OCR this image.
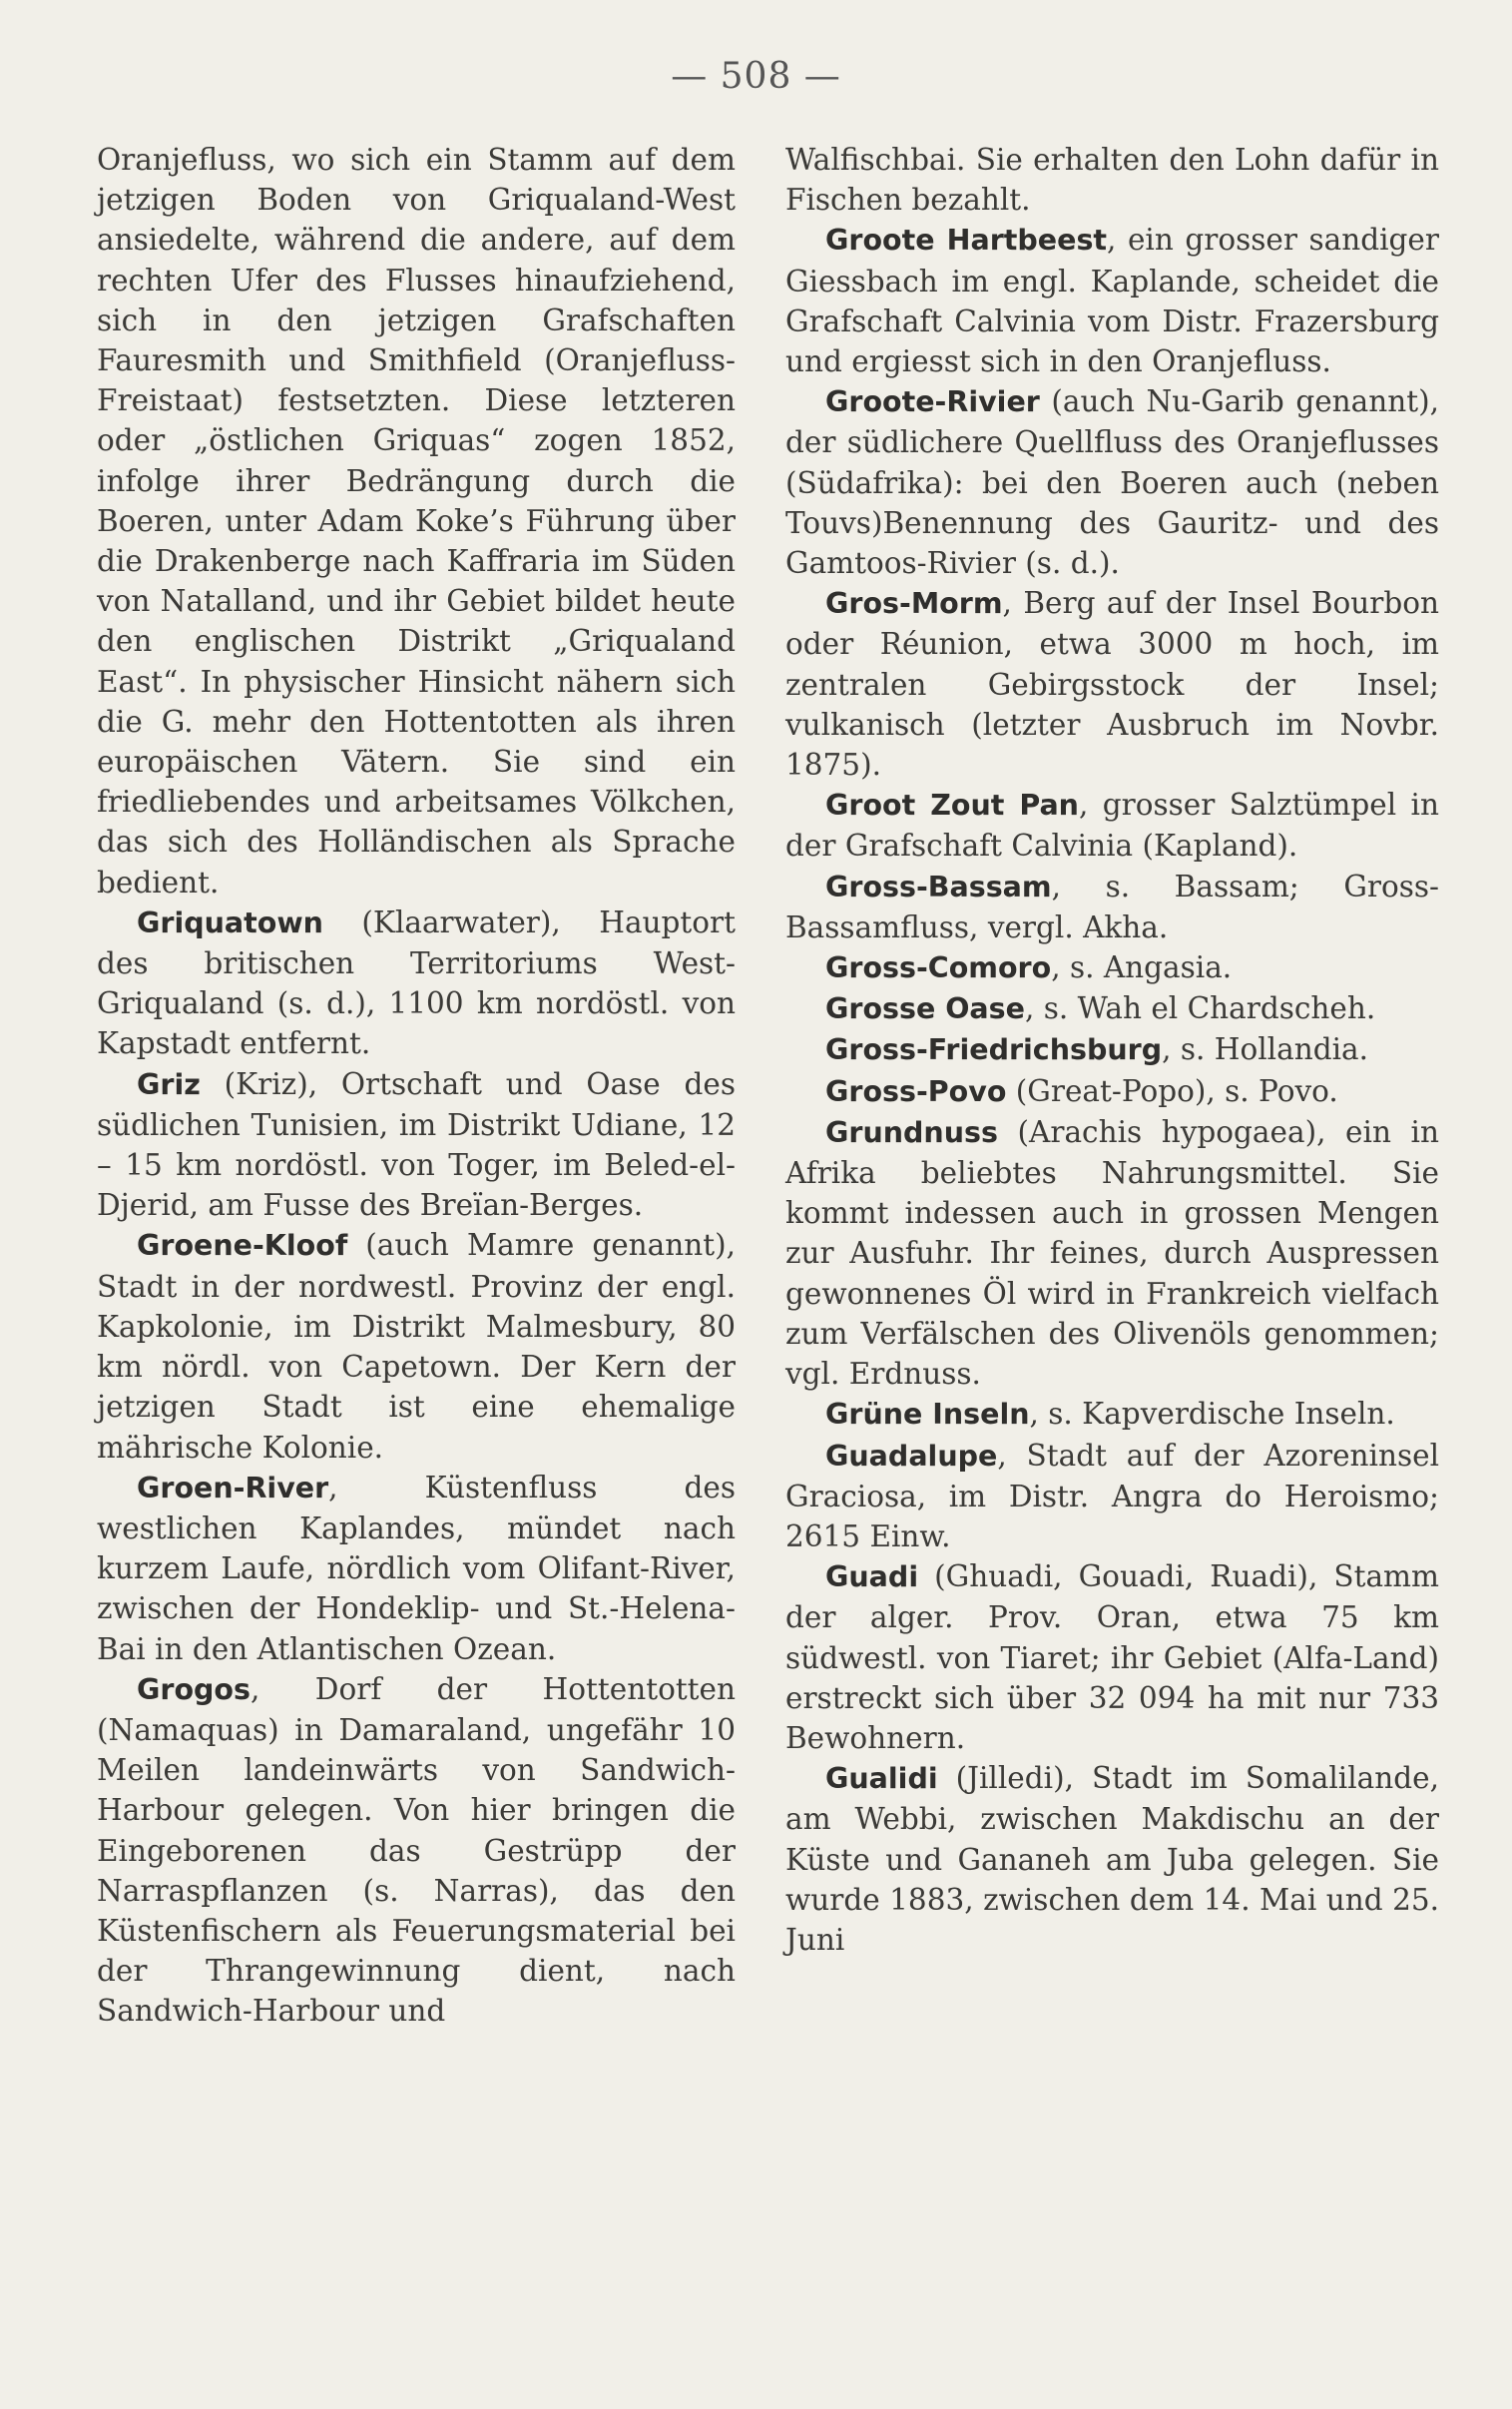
— 508 —

Oranjefluss, wo sich ein Stamm auf dem jetzigen Boden von Griqualand-West ansiedelte, während die andere, auf dem rechten Ufer des Flusses hinaufziehend, sich in den jetzigen Grafschaften Fauresmith und Smithfield (Oranjefluss-Freistaat) festsetzten. Diese letzteren oder „östlichen Griquas“ zogen 1852, infolge ihrer Bedrängung durch die Boeren, unter Adam Koke’s Führung über die Drakenberge nach Kaffraria im Süden von Natalland, und ihr Gebiet bildet heute den englischen Distrikt „Griqualand East“. In physischer Hinsicht nähern sich die G. mehr den Hottentotten als ihren europäischen Vätern. Sie sind ein friedliebendes und arbeitsames Völkchen, das sich des Holländischen als Sprache bedient.

Griquatown (Klaarwater), Hauptort des britischen Territoriums West-Griqualand (s. d.), 1100 km nordöstl. von Kapstadt entfernt.

Griz (Kriz), Ortschaft und Oase des südlichen Tunisien, im Distrikt Udiane, 12 – 15 km nordöstl. von Toger, im Beled-el-Djerid, am Fusse des Breïan-Berges.

Groene-Kloof (auch Mamre genannt), Stadt in der nordwestl. Provinz der engl. Kapkolonie, im Distrikt Malmesbury, 80 km nördl. von Capetown. Der Kern der jetzigen Stadt ist eine ehemalige mährische Kolonie.

Groen-River, Küstenfluss des westlichen Kaplandes, mündet nach kurzem Laufe, nördlich vom Olifant-River, zwischen der Hondeklip- und St.-Helena-Bai in den Atlantischen Ozean.

Grogos, Dorf der Hottentotten (Namaquas) in Damaraland, ungefähr 10 Meilen landeinwärts von Sandwich-Harbour gelegen. Von hier bringen die Eingeborenen das Gestrüpp der Narraspflanzen (s. Narras), das den Küstenfischern als Feuerungsmaterial bei der Thrangewinnung dient, nach Sandwich-Harbour und

Walfischbai. Sie erhalten den Lohn dafür in Fischen bezahlt.

Groote Hartbeest, ein grosser sandiger Giessbach im engl. Kaplande, scheidet die Grafschaft Calvinia vom Distr. Frazersburg und ergiesst sich in den Oranjefluss.

Groote-Rivier (auch Nu-Garib genannt), der südlichere Quellfluss des Oranjeflusses (Südafrika): bei den Boeren auch (neben Touvs)Benennung des Gauritz- und des Gamtoos-Rivier (s. d.).

Gros-Morm, Berg auf der Insel Bourbon oder Réunion, etwa 3000 m hoch, im zentralen Gebirgsstock der Insel; vulkanisch (letzter Ausbruch im Novbr. 1875).

Groot Zout Pan, grosser Salztümpel in der Grafschaft Calvinia (Kapland).

Gross-Bassam, s. Bassam; Gross-Bassamfluss, vergl. Akha.

Gross-Comoro, s. Angasia.

Grosse Oase, s. Wah el Chardscheh.

Gross-Friedrichsburg, s. Hollandia.

Gross-Povo (Great-Popo), s. Povo.

Grundnuss (Arachis hypogaea), ein in Afrika beliebtes Nahrungsmittel. Sie kommt indessen auch in grossen Mengen zur Ausfuhr. Ihr feines, durch Auspressen gewonnenes Öl wird in Frankreich vielfach zum Verfälschen des Olivenöls genommen; vgl. Erdnuss.

Grüne Inseln, s. Kapverdische Inseln.

Guadalupe, Stadt auf der Azoreninsel Graciosa, im Distr. Angra do Heroismo; 2615 Einw.

Guadi (Ghuadi, Gouadi, Ruadi), Stamm der alger. Prov. Oran, etwa 75 km südwestl. von Tiaret; ihr Gebiet (Alfa-Land) erstreckt sich über 32 094 ha mit nur 733 Bewohnern.

Gualidi (Jilledi), Stadt im Somalilande, am Webbi, zwischen Makdischu an der Küste und Gananeh am Juba gelegen. Sie wurde 1883, zwischen dem 14. Mai und 25. Juni
